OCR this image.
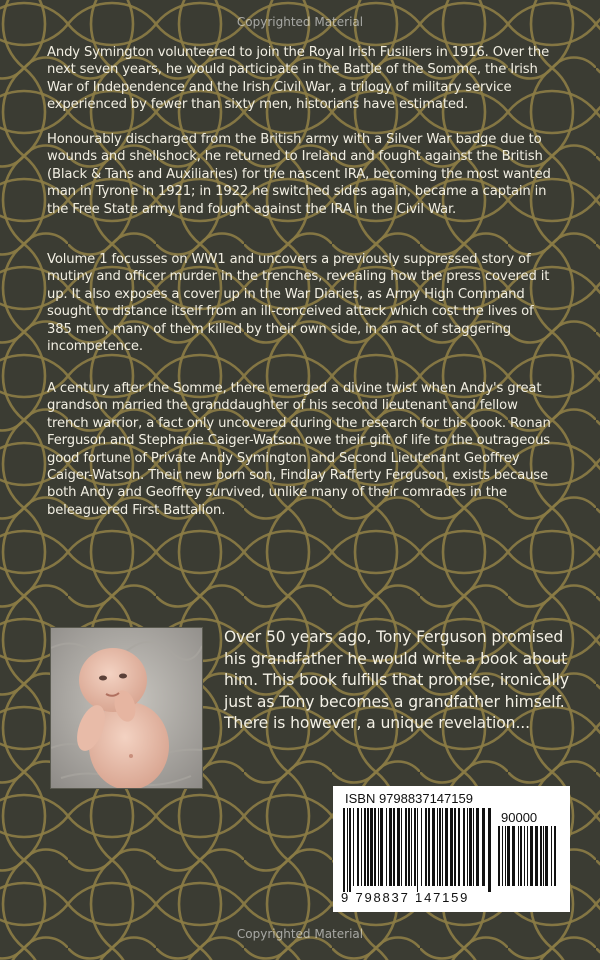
Copyrighted Material
Andy Symington volunteered to join the Royal Irish Fusiliers in 1916. Over the next seven years, he would participate in the Battle of the Somme, the Irish War of Independence and the Irish Civil War, a trilogy of military service experienced by fewer than sixty men, historians have estimated.
Honourably discharged from the British army with a Silver War badge due to wounds and shellshock, he returned to Ireland and fought against the British (Black & Tans and Auxiliaries) for the nascent IRA, becoming the most wanted man in Tyrone in 1921; in 1922 he switched sides again, became a captain in the Free State army and fought against the IRA in the Civil War.
Volume 1 focusses on WW1 and uncovers a previously suppressed story of mutiny and officer murder in the trenches, revealing how the press covered it up. It also exposes a cover up in the War Diaries, as Army High Command sought to distance itself from an ill-conceived attack which cost the lives of 385 men, many of them killed by their own side, in an act of staggering incompetence.
A century after the Somme, there emerged a divine twist when Andy's great grandson married the granddaughter of his second lieutenant and fellow trench warrior, a fact only uncovered during the research for this book. Ronan Ferguson and Stephanie Caiger-Watson owe their gift of life to the outrageous good fortune of Private Andy Symington and Second Lieutenant Geoffrey Caiger-Watson. Their new born son, Findlay Rafferty Ferguson, exists because both Andy and Geoffrey survived, unlike many of their comrades in the beleaguered First Battalion.
Over 50 years ago, Tony Ferguson promised his grandfather he would write a book about him. This book fulfills that promise, ironically just as Tony becomes a grandfather himself. There is however, a unique revelation...
ISBN 9798837147159
90000
9 798837 147159
Copyrighted Material
